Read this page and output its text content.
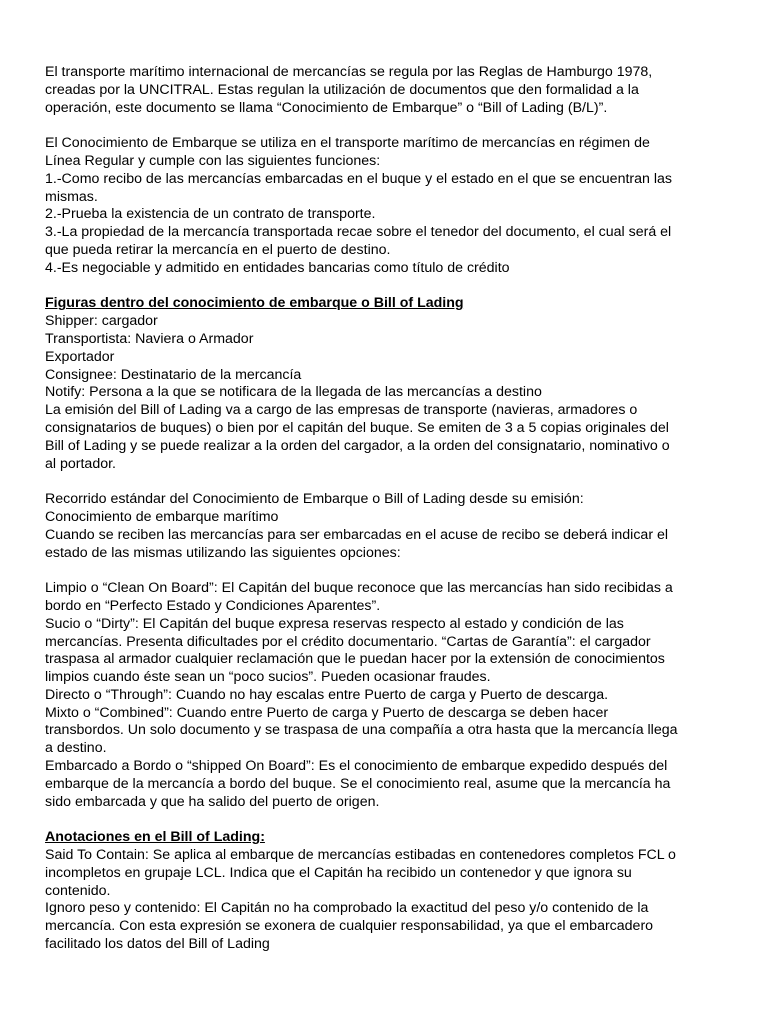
El transporte marítimo internacional de mercancías se regula por las Reglas de Hamburgo 1978,
creadas por la UNCITRAL. Estas regulan la utilización de documentos que den formalidad a la
operación, este documento se llama “Conocimiento de Embarque” o “Bill of Lading (B/L)”.
El Conocimiento de Embarque se utiliza en el transporte marítimo de mercancías en régimen de
Línea Regular y cumple con las siguientes funciones:
1.-Como recibo de las mercancías embarcadas en el buque y el estado en el que se encuentran las
mismas.
2.-Prueba la existencia de un contrato de transporte.
3.-La propiedad de la mercancía transportada recae sobre el tenedor del documento, el cual será el
que pueda retirar la mercancía en el puerto de destino.
4.-Es negociable y admitido en entidades bancarias como título de crédito
Figuras dentro del conocimiento de embarque o Bill of Lading
Shipper: cargador
Transportista: Naviera o Armador
Exportador
Consignee: Destinatario de la mercancía
Notify: Persona a la que se notificara de la llegada de las mercancías a destino
La emisión del Bill of Lading va a cargo de las empresas de transporte (navieras, armadores o
consignatarios de buques) o bien por el capitán del buque. Se emiten de 3 a 5 copias originales del
Bill of Lading y se puede realizar a la orden del cargador, a la orden del consignatario, nominativo o
al portador.
Recorrido estándar del Conocimiento de Embarque o Bill of Lading desde su emisión:
Conocimiento de embarque marítimo
Cuando se reciben las mercancías para ser embarcadas en el acuse de recibo se deberá indicar el
estado de las mismas utilizando las siguientes opciones:
Limpio o “Clean On Board”: El Capitán del buque reconoce que las mercancías han sido recibidas a
bordo en “Perfecto Estado y Condiciones Aparentes”.
Sucio o “Dirty”: El Capitán del buque expresa reservas respecto al estado y condición de las
mercancías. Presenta dificultades por el crédito documentario. “Cartas de Garantía”: el cargador
traspasa al armador cualquier reclamación que le puedan hacer por la extensión de conocimientos
limpios cuando éste sean un “poco sucios”. Pueden ocasionar fraudes.
Directo o “Through”: Cuando no hay escalas entre Puerto de carga y Puerto de descarga.
Mixto o “Combined”: Cuando entre Puerto de carga y Puerto de descarga se deben hacer
transbordos. Un solo documento y se traspasa de una compañía a otra hasta que la mercancía llega
a destino.
Embarcado a Bordo o “shipped On Board”: Es el conocimiento de embarque expedido después del
embarque de la mercancía a bordo del buque. Se el conocimiento real, asume que la mercancía ha
sido embarcada y que ha salido del puerto de origen.
Anotaciones en el Bill of Lading:
Said To Contain: Se aplica al embarque de mercancías estibadas en contenedores completos FCL o
incompletos en grupaje LCL. Indica que el Capitán ha recibido un contenedor y que ignora su
contenido.
Ignoro peso y contenido: El Capitán no ha comprobado la exactitud del peso y/o contenido de la
mercancía. Con esta expresión se exonera de cualquier responsabilidad, ya que el embarcadero
facilitado los datos del Bill of Lading
